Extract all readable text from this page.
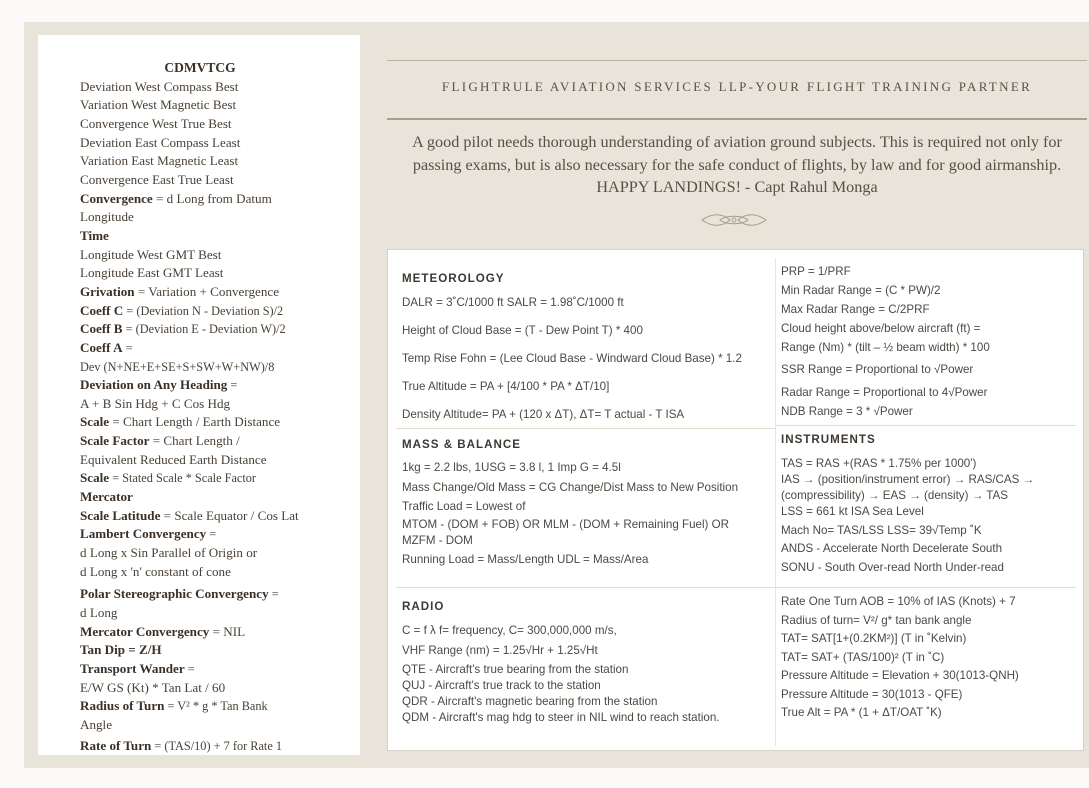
CDMVTCG
Deviation West Compass Best
Variation West Magnetic Best
Convergence West True Best
Deviation East Compass Least
Variation East Magnetic Least
Convergence East True Least
Convergence = d Long from Datum
Longitude
Time
Longitude West GMT Best
Longitude East GMT Least
Grivation = Variation + Convergence
Coeff C = (Deviation N - Deviation S)/2
Coeff B = (Deviation E - Deviation W)/2
Coeff A =
Dev (N+NE+E+SE+S+SW+W+NW)/8
Deviation on Any Heading =
A + B Sin Hdg + C Cos Hdg
Scale = Chart Length / Earth Distance
Scale Factor = Chart Length /
Equivalent Reduced Earth Distance
Scale = Stated Scale * Scale Factor
Mercator
Scale Latitude = Scale Equator / Cos Lat
Lambert Convergency =
d Long x Sin Parallel of Origin or
d Long x 'n' constant of cone
Polar Stereographic Convergency =
d Long
Mercator Convergency = NIL
Tan Dip = Z/H
Transport Wander =
E/W GS (Kt) * Tan Lat / 60
Radius of Turn = V² * g * Tan Bank
Angle
Rate of Turn = (TAS/10) + 7 for Rate 1
FLIGHTRULE AVIATION SERVICES LLP-YOUR FLIGHT TRAINING PARTNER
A good pilot needs thorough understanding of aviation ground subjects. This is required not only for
passing exams, but is also necessary for the safe conduct of flights, by law and for good airmanship.
HAPPY LANDINGS! - Capt Rahul Monga
METEOROLOGY
DALR = 3˚C/1000 ft SALR = 1.98˚C/1000 ft
Height of Cloud Base = (T - Dew Point T) * 400
Temp Rise Fohn = (Lee Cloud Base - Windward Cloud Base) * 1.2
True Altitude = PA + [4/100 * PA * ΔT/10]
Density Altitude= PA + (120 x ΔT), ΔT= T actual - T ISA
MASS & BALANCE
1kg = 2.2 lbs, 1USG = 3.8 l, 1 Imp G = 4.5l
Mass Change/Old Mass = CG Change/Dist Mass to New Position
Traffic Load = Lowest of
MTOM - (DOM + FOB) OR MLM - (DOM + Remaining Fuel) OR
MZFM - DOM
Running Load = Mass/Length UDL = Mass/Area
RADIO
C = f λ f= frequency, C= 300,000,000 m/s,
VHF Range (nm) = 1.25√Hr + 1.25√Ht
QTE - Aircraft's true bearing from the station
QUJ - Aircraft's true track to the station
QDR - Aircraft's magnetic bearing from the station
QDM - Aircraft's mag hdg to steer in NIL wind to reach station.
PRP = 1/PRF
Min Radar Range = (C * PW)/2
Max Radar Range = C/2PRF
Cloud height above/below aircraft (ft) =
Range (Nm) * (tilt – ½ beam width) * 100
SSR Range = Proportional to √Power
Radar Range = Proportional to 4√Power
NDB Range = 3 * √Power
INSTRUMENTS
TAS = RAS +(RAS * 1.75% per 1000')
IAS → (position/instrument error) → RAS/CAS →
(compressibility) → EAS → (density) → TAS
LSS = 661 kt ISA Sea Level
Mach No= TAS/LSS LSS= 39√Temp ˚K
ANDS - Accelerate North Decelerate South
SONU - South Over-read North Under-read
Rate One Turn AOB = 10% of IAS (Knots) + 7
Radius of turn= V²/ g* tan bank angle
TAT= SAT[1+(0.2KM²)] (T in ˚Kelvin)
TAT= SAT+ (TAS/100)² (T in ˚C)
Pressure Altitude = Elevation + 30(1013-QNH)
Pressure Altitude = 30(1013 - QFE)
True Alt = PA * (1 + ΔT/OAT ˚K)
